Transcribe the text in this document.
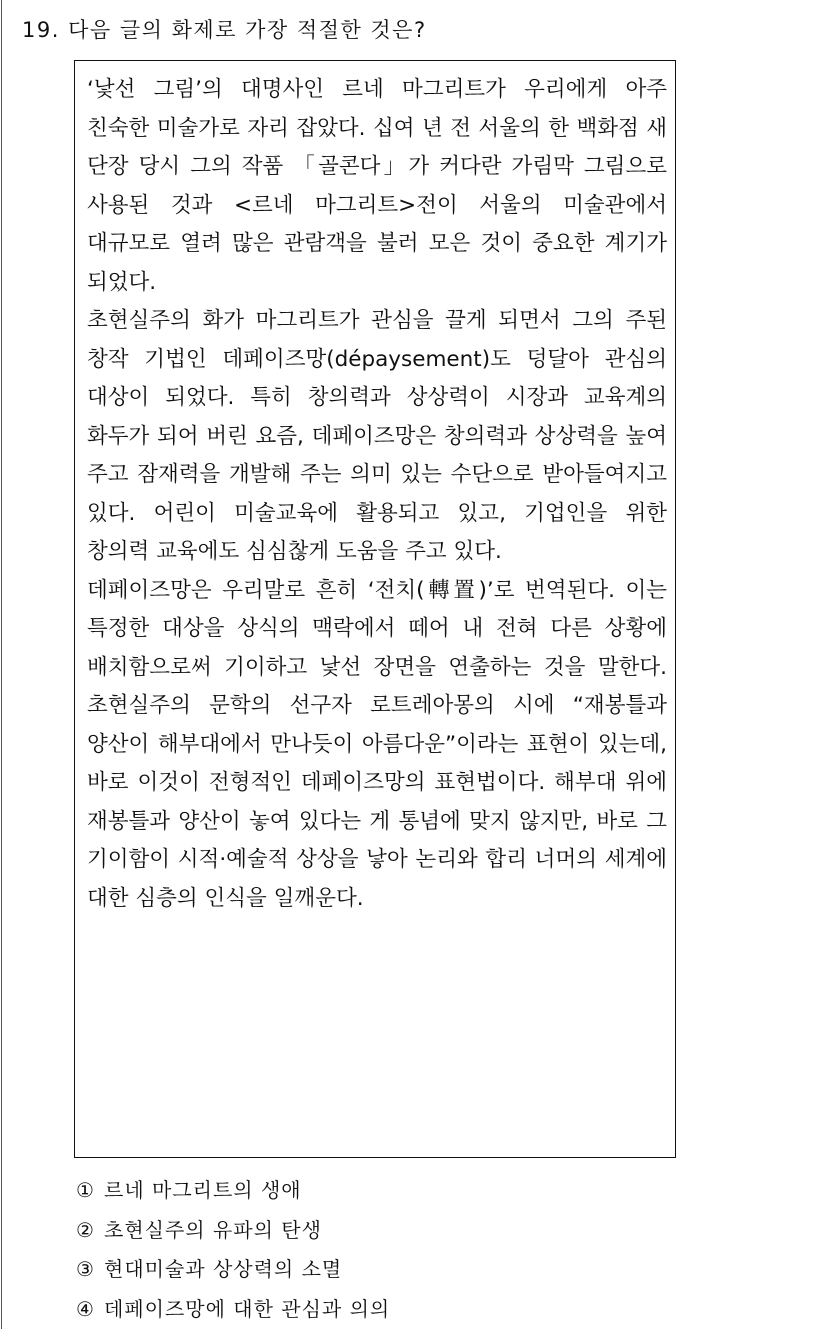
19. 다음 글의 화제로 가장 적절한 것은?

‘낯선 그림’의 대명사인 르네 마그리트가 우리에게 아주 친숙한 미술가로 자리 잡았다. 십여 년 전 서울의 한 백화점 새 단장 당시 그의 작품 「골콘다」가 커다란 가림막 그림으로 사용된 것과 <르네 마그리트>전이 서울의 미술관에서 대규모로 열려 많은 관람객을 불러 모은 것이 중요한 계기가 되었다.

초현실주의 화가 마그리트가 관심을 끌게 되면서 그의 주된 창작 기법인 데페이즈망(dépaysement)도 덩달아 관심의 대상이 되었다. 특히 창의력과 상상력이 시장과 교육계의 화두가 되어 버린 요즘, 데페이즈망은 창의력과 상상력을 높여 주고 잠재력을 개발해 주는 의미 있는 수단으로 받아들여지고 있다. 어린이 미술교육에 활용되고 있고, 기업인을 위한 창의력 교육에도 심심찮게 도움을 주고 있다.

데페이즈망은 우리말로 흔히 ‘전치(轉置)’로 번역된다. 이는 특정한 대상을 상식의 맥락에서 떼어 내 전혀 다른 상황에 배치함으로써 기이하고 낯선 장면을 연출하는 것을 말한다. 초현실주의 문학의 선구자 로트레아몽의 시에 “재봉틀과 양산이 해부대에서 만나듯이 아름다운”이라는 표현이 있는데, 바로 이것이 전형적인 데페이즈망의 표현법이다. 해부대 위에 재봉틀과 양산이 놓여 있다는 게 통념에 맞지 않지만, 바로 그 기이함이 시적·예술적 상상을 낳아 논리와 합리 너머의 세계에 대한 심층의 인식을 일깨운다.

① 르네 마그리트의 생애
② 초현실주의 유파의 탄생
③ 현대미술과 상상력의 소멸
④ 데페이즈망에 대한 관심과 의의
